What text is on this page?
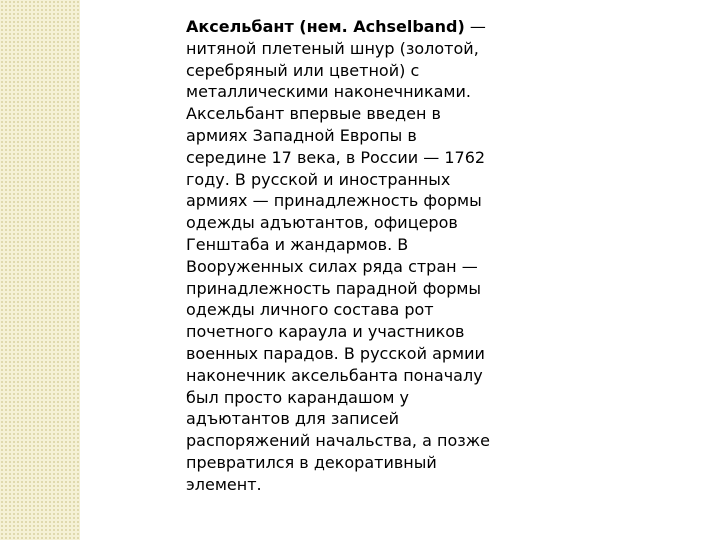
Аксельбант (нем. Achselband) —
нитяной плетеный шнур (золотой,
серебряный или цветной) с
металлическими наконечниками.
Аксельбант впервые введен в
армиях Западной Европы в
середине 17 века, в России — 1762
году. В русской и иностранных
армиях — принадлежность формы
одежды адъютантов, офицеров
Генштаба и жандармов. В
Вооруженных силах ряда стран —
принадлежность парадной формы
одежды личного состава рот
почетного караула и участников
военных парадов. В русской армии
наконечник аксельбанта поначалу
был просто карандашом у
адъютантов для записей
распоряжений начальства, а позже
превратился в декоративный
элемент.
